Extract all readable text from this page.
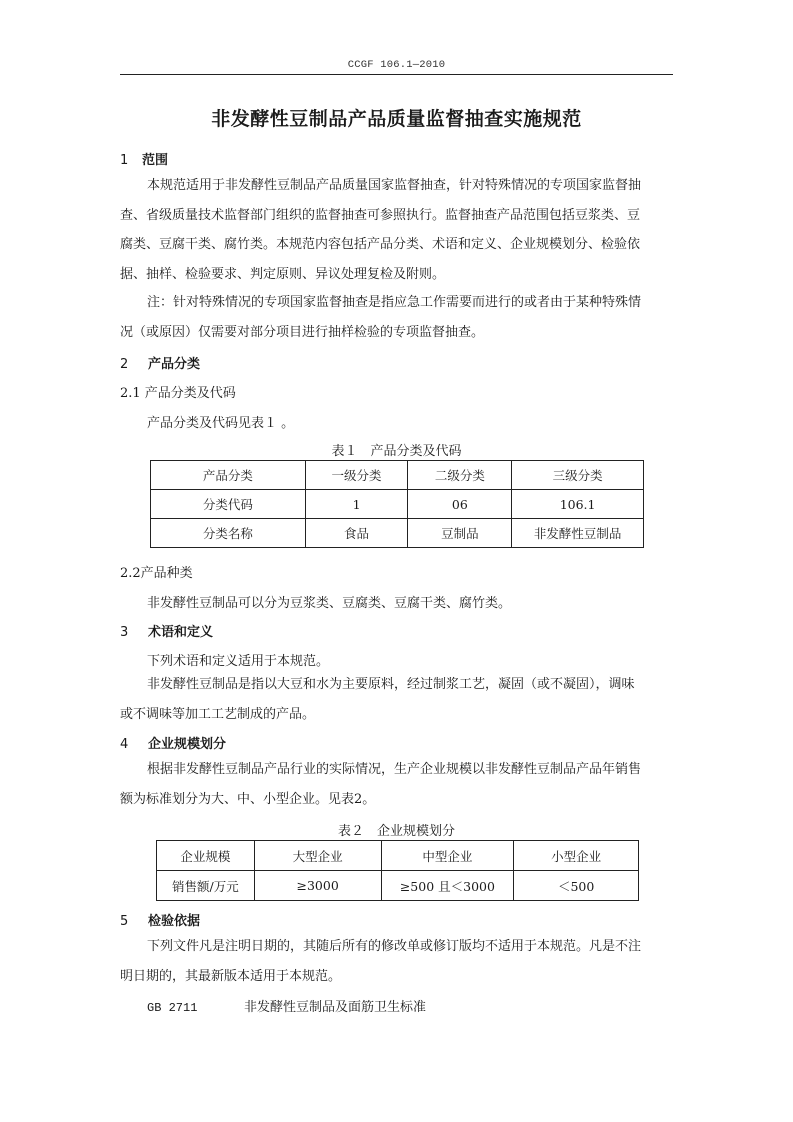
CCGF 106.1—2010
非发酵性豆制品产品质量监督抽查实施规范
1 范围
本规范适用于非发酵性豆制品产品质量国家监督抽查，针对特殊情况的专项国家监督抽
查、省级质量技术监督部门组织的监督抽查可参照执行。监督抽查产品范围包括豆浆类、豆
腐类、豆腐干类、腐竹类。本规范内容包括产品分类、术语和定义、企业规模划分、检验依
据、抽样、检验要求、判定原则、异议处理复检及附则。
注：针对特殊情况的专项国家监督抽查是指应急工作需要而进行的或者由于某种特殊情
况（或原因）仅需要对部分项目进行抽样检验的专项监督抽查。
2 产品分类
2.1 产品分类及代码
产品分类及代码见表１ 。
表１　产品分类及代码
产品分类	一级分类	二级分类	三级分类
分类代码	1	06	106.1
分类名称	食品	豆制品	非发酵性豆制品
2.2产品种类
非发酵性豆制品可以分为豆浆类、豆腐类、豆腐干类、腐竹类。
3 术语和定义
下列术语和定义适用于本规范。
非发酵性豆制品是指以大豆和水为主要原料，经过制浆工艺，凝固（或不凝固），调味
或不调味等加工工艺制成的产品。
4 企业规模划分
根据非发酵性豆制品产品行业的实际情况，生产企业规模以非发酵性豆制品产品年销售
额为标准划分为大、中、小型企业。见表2。
表２　企业规模划分
企业规模	大型企业	中型企业	小型企业
销售额/万元	≥3000	≥500 且＜3000	＜500
5 检验依据
下列文件凡是注明日期的，其随后所有的修改单或修订版均不适用于本规范。凡是不注
明日期的，其最新版本适用于本规范。
GB 2711	非发酵性豆制品及面筋卫生标准
